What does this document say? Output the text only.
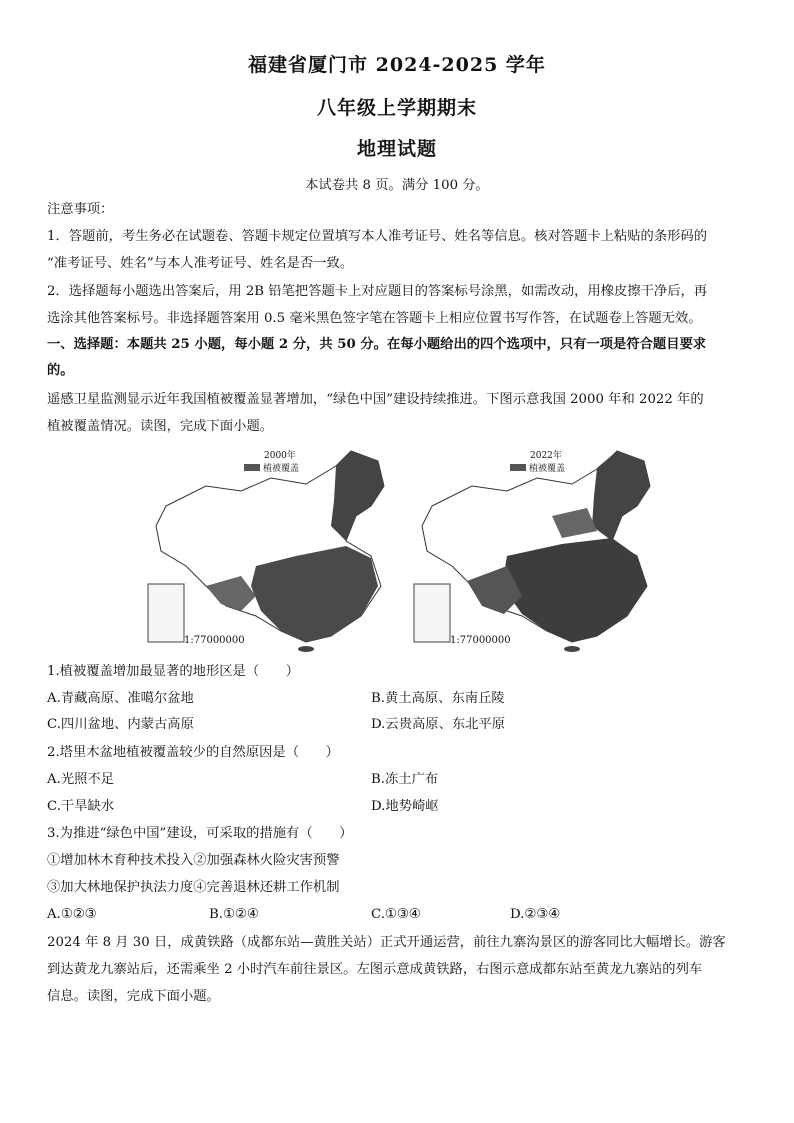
福建省厦门市 2024-2025 学年
八年级上学期期末
地理试题
本试卷共 8 页。满分 100 分。
注意事项：
1．答题前，考生务必在试题卷、答题卡规定位置填写本人准考证号、姓名等信息。核对答题卡上粘贴的条形码的
“准考证号、姓名”与本人准考证号、姓名是否一致。
2．选择题每小题选出答案后，用 2B 铅笔把答题卡上对应题目的答案标号涂黑，如需改动，用橡皮擦干净后，再
选涂其他答案标号。非选择题答案用 0.5 毫米黑色签字笔在答题卡上相应位置书写作答，在试题卷上答题无效。
一、选择题：本题共 25 小题，每小题 2 分，共 50 分。在每小题给出的四个选项中，只有一项是符合题目要求
的。
遥感卫星监测显示近年我国植被覆盖显著增加，“绿色中国”建设持续推进。下图示意我国 2000 年和 2022 年的
植被覆盖情况。读图，完成下面小题。
2000年
植被覆盖
1:77000000
2022年
植被覆盖
1:77000000
1.植被覆盖增加最显著的地形区是（　　）
A.青藏高原、准噶尔盆地	B.黄土高原、东南丘陵
C.四川盆地、内蒙古高原	D.云贵高原、东北平原
2.塔里木盆地植被覆盖较少的自然原因是（　　）
A.光照不足	B.冻土广布
C.干旱缺水	D.地势崎岖
3.为推进“绿色中国”建设，可采取的措施有（　　）
①增加林木育种技术投入②加强森林火险灾害预警
③加大林地保护执法力度④完善退林还耕工作机制
A.①②③	B.①②④	C.①③④	D.②③④
2024 年 8 月 30 日，成黄铁路（成都东站—黄胜关站）正式开通运营，前往九寨沟景区的游客同比大幅增长。游客
到达黄龙九寨站后，还需乘坐 2 小时汽车前往景区。左图示意成黄铁路，右图示意成都东站至黄龙九寨站的列车
信息。读图，完成下面小题。
